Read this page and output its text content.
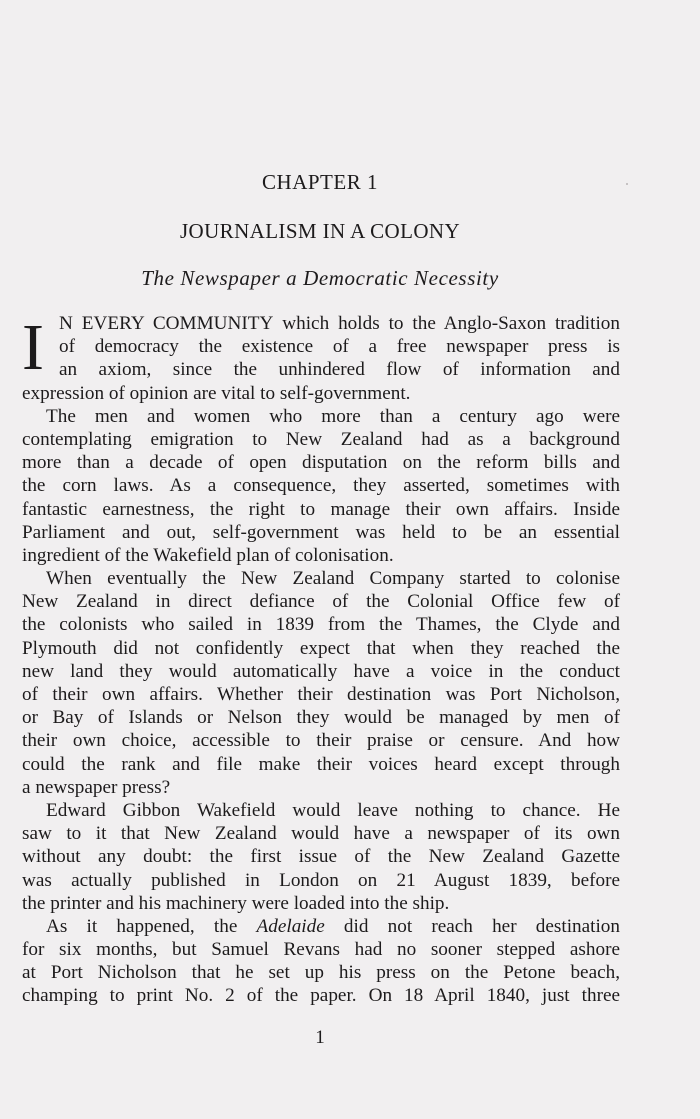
CHAPTER 1
JOURNALISM IN A COLONY
The Newspaper a Democratic Necessity
I N EVERY COMMUNITY which holds to the Anglo-Saxon tradition
of democracy the existence of a free newspaper press is
an axiom, since the unhindered flow of information and
expression of opinion are vital to self-government.
The men and women who more than a century ago were
contemplating emigration to New Zealand had as a background
more than a decade of open disputation on the reform bills and
the corn laws. As a consequence, they asserted, sometimes with
fantastic earnestness, the right to manage their own affairs. Inside
Parliament and out, self-government was held to be an essential
ingredient of the Wakefield plan of colonisation.
When eventually the New Zealand Company started to colonise
New Zealand in direct defiance of the Colonial Office few of
the colonists who sailed in 1839 from the Thames, the Clyde and
Plymouth did not confidently expect that when they reached the
new land they would automatically have a voice in the conduct
of their own affairs. Whether their destination was Port Nicholson,
or Bay of Islands or Nelson they would be managed by men of
their own choice, accessible to their praise or censure. And how
could the rank and file make their voices heard except through
a newspaper press?
Edward Gibbon Wakefield would leave nothing to chance. He
saw to it that New Zealand would have a newspaper of its own
without any doubt: the first issue of the New Zealand Gazette
was actually published in London on 21 August 1839, before
the printer and his machinery were loaded into the ship.
As it happened, the Adelaide did not reach her destination
for six months, but Samuel Revans had no sooner stepped ashore
at Port Nicholson that he set up his press on the Petone beach,
champing to print No. 2 of the paper. On 18 April 1840, just three
1
